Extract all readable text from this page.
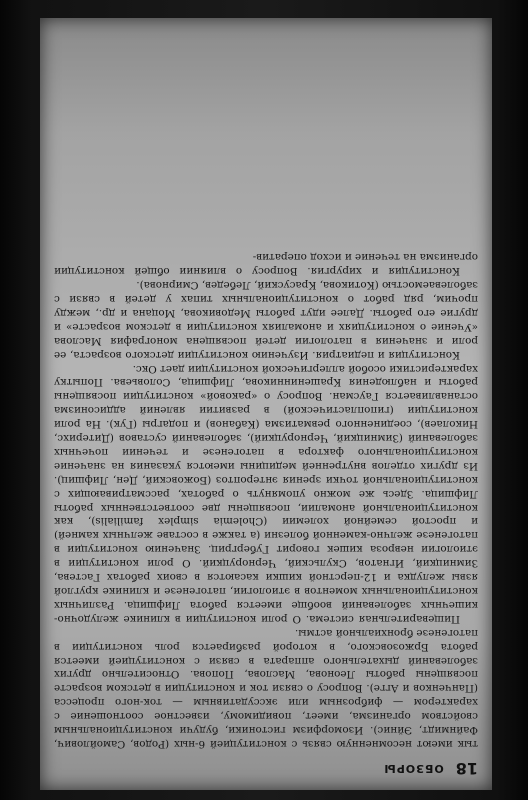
18
ОБЗОРЫ

тык имеют несомненную связь с конституцией 6-ных (Родов, Самойлович, Файнмидт, Эйнис). Изоморфизм гистоники, будучи конституциональным свойством организма, имеет, повидимому, известное соотношение с характером — фиброзным или экссудативным — ток-ного процесса (Панченков и Агге). Вопросу о связи ток и конституции в детском возрасте посвящены работы Леонова, Маслова, Попова. Относительно других заболеваний дыхательного аппарата в связи с конституцией имеется работа Бржозовского, в которой разбирается роль конституции в патогенезе бронхиальной астмы.

Пищеварительная система. О роли конституции в клинике желудочно-кишечных заболеваний вообще имеется работа Лифшица. Различных конституциональных моментов в этиологии, патогенезе и клинике круглой язвы желудка и 12-перстной кишки касаются в своих работах Гастева, Зимницкий, Игнатов, Скульский, Черноруцкий. О роли конституции в этиологии невроза кишек говорит Губергриц. Значению конституции в патогенезе желчно-каменной болезни (а также в составе желчных камней) и простой семейной холемии (Cholemia simplex familialis), как конституциональной аномалии, посвящены две соответственных работы Лифшица. Здесь же можно упомянуть о работах, рассматривающих с конституциональной точки зрения энтероптоз (Божовский, Ден, Лифшиц). Из других отделов внутренней медицины имеются указания на значение конституционального фактора в патогенезе и течении почечных заболеваний (Зимницкий, Черноруцкий), заболеваний суставов (Дитерихс, Николаев), соединенного ревматизма (Кабанов) и подагры (Гук). На роли конституции (гипопластической) в развитии явлений аддисонизма останавливается Гаусман. Вопросу о «раковой» конституции посвящены работы и наблюдения Крашенинникова, Лифшица, Соловьева. Попытку характеристики особой аллергической конституции дает Окс.

Конституция и педиатрия. Изучению конституции детского возраста, ее роли и значения в патологии детей посвящена монография Маслова «Учение о конституциях и аномалиях конституции в детском возрасте» и другие его работы. Далее идут работы Медовикова, Моцана и др., между прочим, ряд работ о конституциональных типах у детей в связи с заболеваемостью (Котикова, Красуский, Лебедев, Смирнова).

Конституция и хирургия. Вопросу о влиянии общей конституции организма на течение и исход оператив-
